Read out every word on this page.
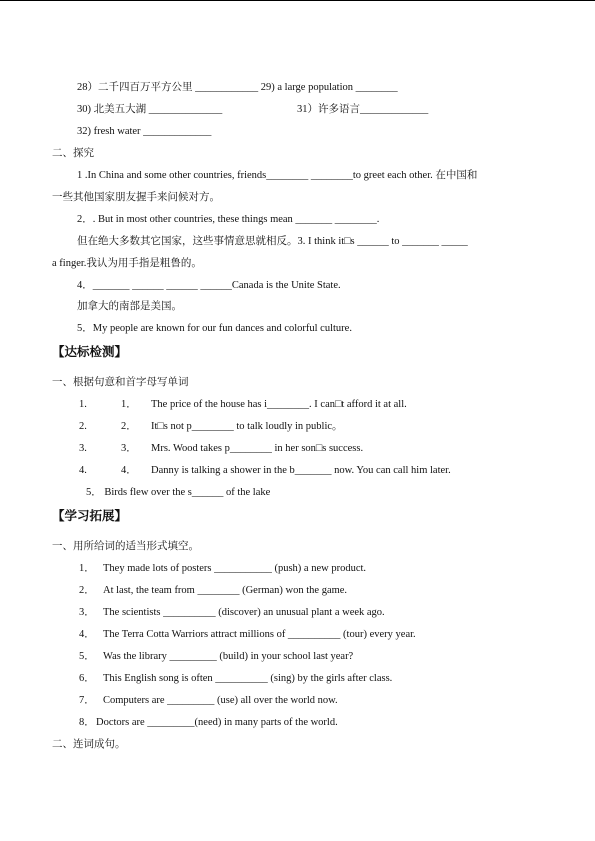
28）二千四百万平方公里 ____________ 29) a large population ________
30) 北美五大湖 ______________	31）许多语言_____________
32) fresh water _____________
二、探究
1 .In China and some other countries, friends________ ________to greet each other. 在中国和
一些其他国家朋友握手来问候对方。
2．. But in most other countries, these things mean _______ ________.
但在绝大多数其它国家，这些事情意思就相反。3. I think it□s ______ to _______ _____
a finger.我认为用手指是粗鲁的。
4．_______ ______ ______ ______Canada is the Unite State.
加拿大的南部是美国。
5．My people are known for our fun dances and colorful culture.
【达标检测】
一、根据句意和首字母写单词
1.	1． The price of the house has i________. I can□t afford it at all.
2.	2． It□s not p________ to talk loudly in public。
3.	3． Mrs. Wood takes p________ in her son□s success.
4.	4． Danny is talking a shower in the b_______ now. You can call him later.
5． Birds flew over the s______ of the lake
【学习拓展】
一、用所给词的适当形式填空。
1． They made lots of posters ___________ (push) a new product.
2． At last, the team from ________ (German) won the game.
3． The scientists __________ (discover) an unusual plant a week ago.
4． The Terra Cotta Warriors attract millions of __________ (tour) every year.
5． Was the library _________ (build) in your school last year?
6． This English song is often __________ (sing) by the girls after class.
7． Computers are _________ (use) all over the world now.
8． Doctors are _________(need) in many parts of the world.
二、连词成句。
